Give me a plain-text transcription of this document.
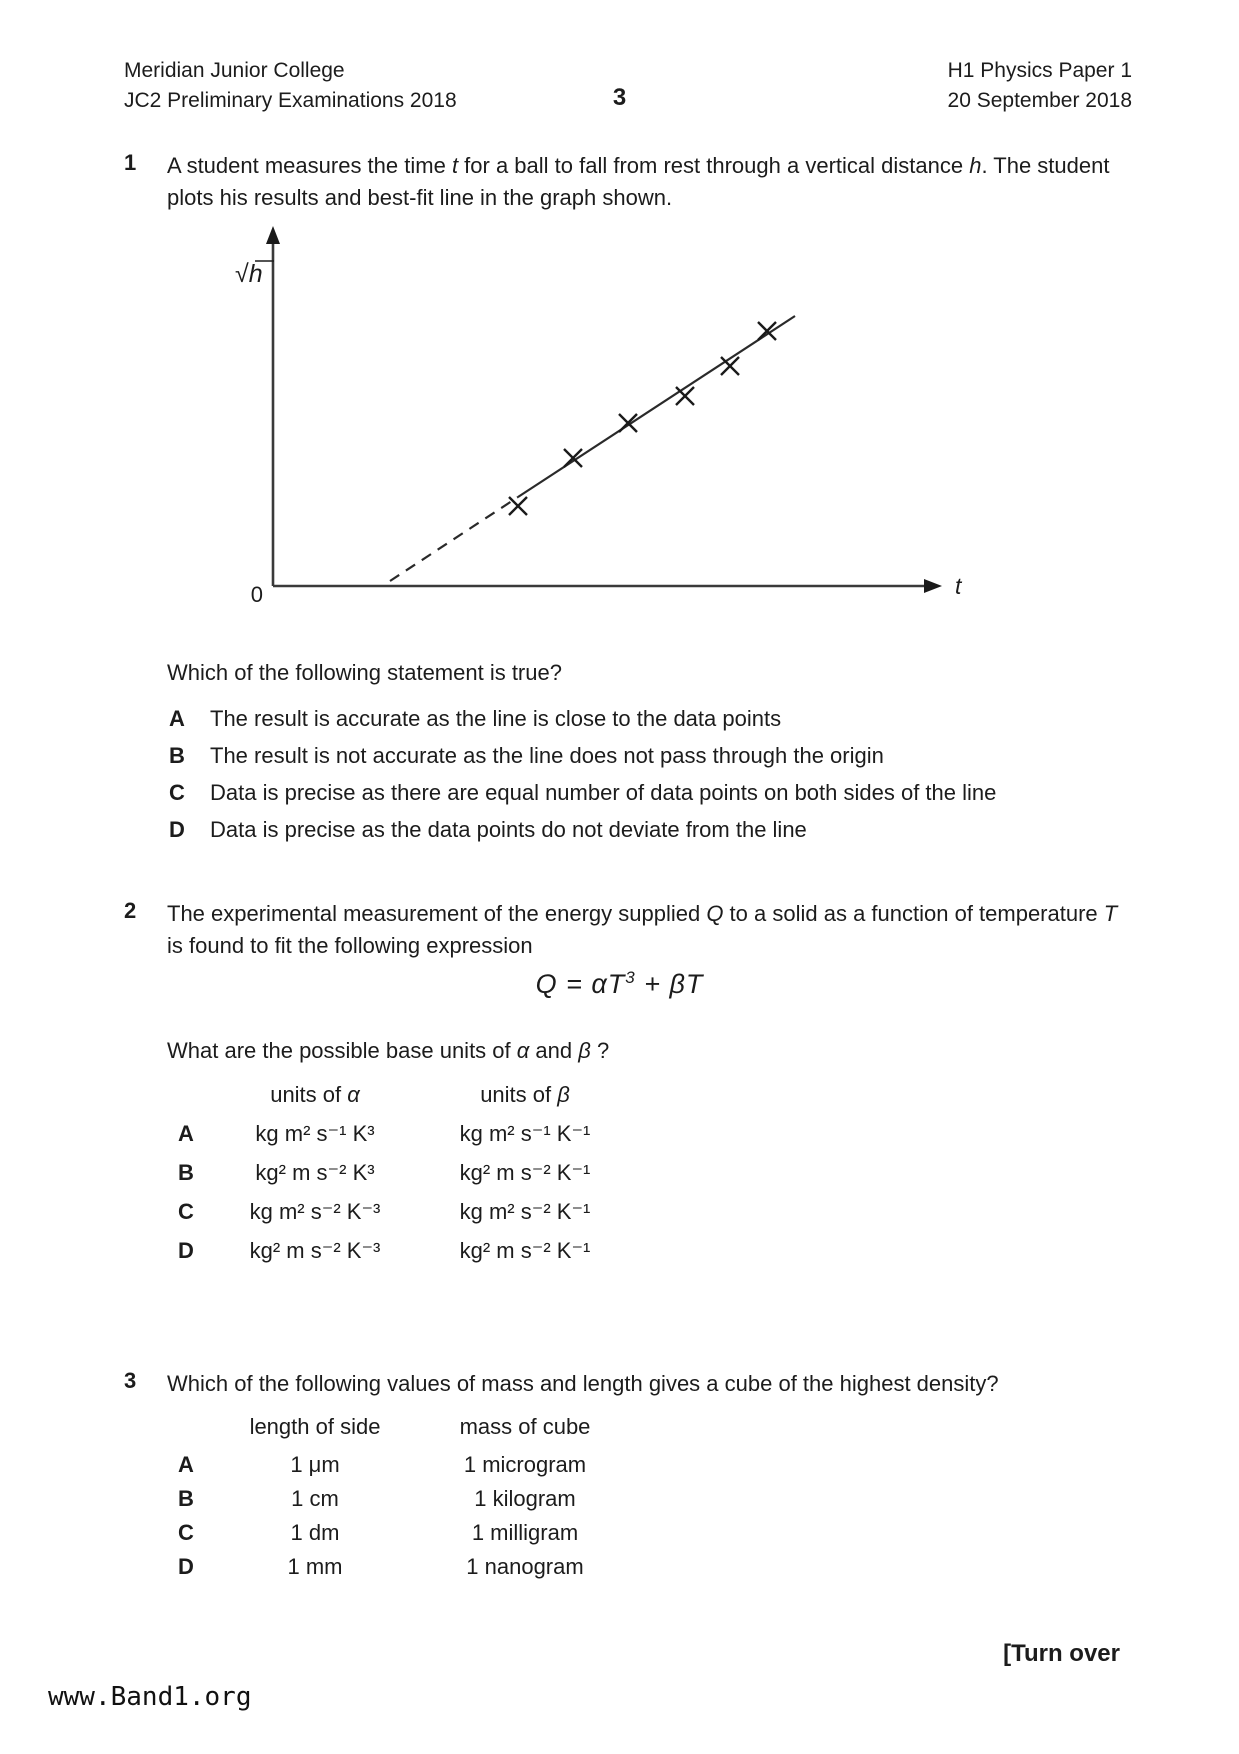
Meridian Junior College
JC2 Preliminary Examinations 2018	3
H1 Physics Paper 1
20 September 2018
1 A student measures the time t for a ball to fall from rest through a vertical distance h. The student plots his results and best-fit line in the graph shown.
√h
0	t
Which of the following statement is true?
A The result is accurate as the line is close to the data points
B The result is not accurate as the line does not pass through the origin
C Data is precise as there are equal number of data points on both sides of the line
D Data is precise as the data points do not deviate from the line
2 The experimental measurement of the energy supplied Q to a solid as a function of temperature T is found to fit the following expression
$Q = \alpha T^3 + \beta T$
What are the possible base units of α and β ?
units of α	units of β
A	kg m² s⁻¹ K³	kg m² s⁻¹ K⁻¹
B	kg² m s⁻² K³	kg² m s⁻² K⁻¹
C	kg m² s⁻² K⁻³	kg m² s⁻² K⁻¹
D	kg² m s⁻² K⁻³	kg² m s⁻² K⁻¹
3 Which of the following values of mass and length gives a cube of the highest density?
length of side	mass of cube
A	1 μm	1 microgram
B	1 cm	1 kilogram
C	1 dm	1 milligram
D	1 mm	1 nanogram
[Turn over
www.Band1.org
